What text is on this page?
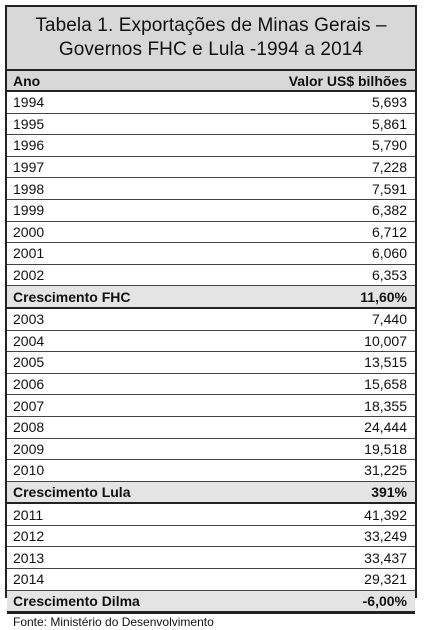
Tabela 1. Exportações de Minas Gerais –
Governos FHC e Lula -1994 a 2014
Ano	Valor US$ bilhões
1994	5,693
1995	5,861
1996	5,790
1997	7,228
1998	7,591
1999	6,382
2000	6,712
2001	6,060
2002	6,353
Crescimento FHC	11,60%
2003	7,440
2004	10,007
2005	13,515
2006	15,658
2007	18,355
2008	24,444
2009	19,518
2010	31,225
Crescimento Lula	391%
2011	41,392
2012	33,249
2013	33,437
2014	29,321
Crescimento Dilma	-6,00%
Fonte: Ministério do Desenvolvimento
